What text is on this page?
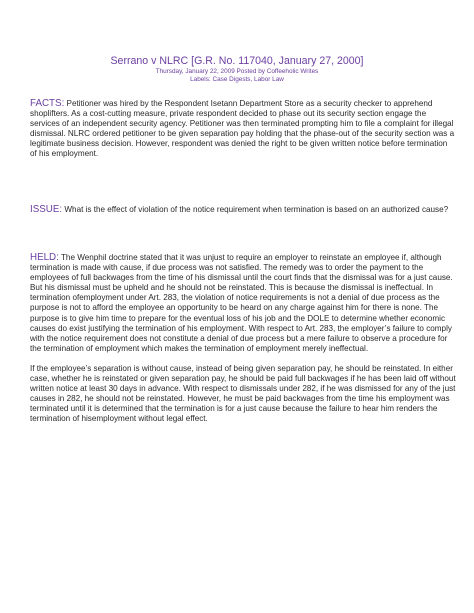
Serrano v NLRC [G.R. No. 117040, January 27, 2000]
Thursday, January 22, 2009 Posted by Coffeeholic Writes
Labels: Case Digests, Labor Law

FACTS: Petitioner was hired by the Respondent Isetann Department Store as a security checker to apprehend shoplifters. As a cost-cutting measure, private respondent decided to phase out its security section engage the services of an independent security agency. Petitioner was then terminated prompting him to file a complaint for illegal dismissal. NLRC ordered petitioner to be given separation pay holding that the phase-out of the security section was a legitimate business decision. However, respondent was denied the right to be given written notice before termination of his employment.

ISSUE: What is the effect of violation of the notice requirement when termination is based on an authorized cause?

HELD: The Wenphil doctrine stated that it was unjust to require an employer to reinstate an employee if, although termination is made with cause, if due process was not satisfied. The remedy was to order the payment to the employees of full backwages from the time of his dismissal until the court finds that the dismissal was for a just cause. But his dismissal must be upheld and he should not be reinstated. This is because the dismissal is ineffectual. In termination ofemployment under Art. 283, the violation of notice requirements is not a denial of due process as the purpose is not to afford the employee an opportunity to be heard on any charge against him for there is none. The purpose is to give him time to prepare for the eventual loss of his job and the DOLE to determine whether economic causes do exist justifying the termination of his employment. With respect to Art. 283, the employer’s failure to comply with the notice requirement does not constitute a denial of due process but a mere failure to observe a procedure for the termination of employment which makes the termination of employment merely ineffectual.

If the employee’s separation is without cause, instead of being given separation pay, he should be reinstated. In either case, whether he is reinstated or given separation pay, he should be paid full backwages if he has been laid off without written notice at least 30 days in advance. With respect to dismissals under 282, if he was dismissed for any of the just causes in 282, he should not be reinstated. However, he must be paid backwages from the time his employment was terminated until it is determined that the termination is for a just cause because the failure to hear him renders the termination of hisemployment without legal effect.
